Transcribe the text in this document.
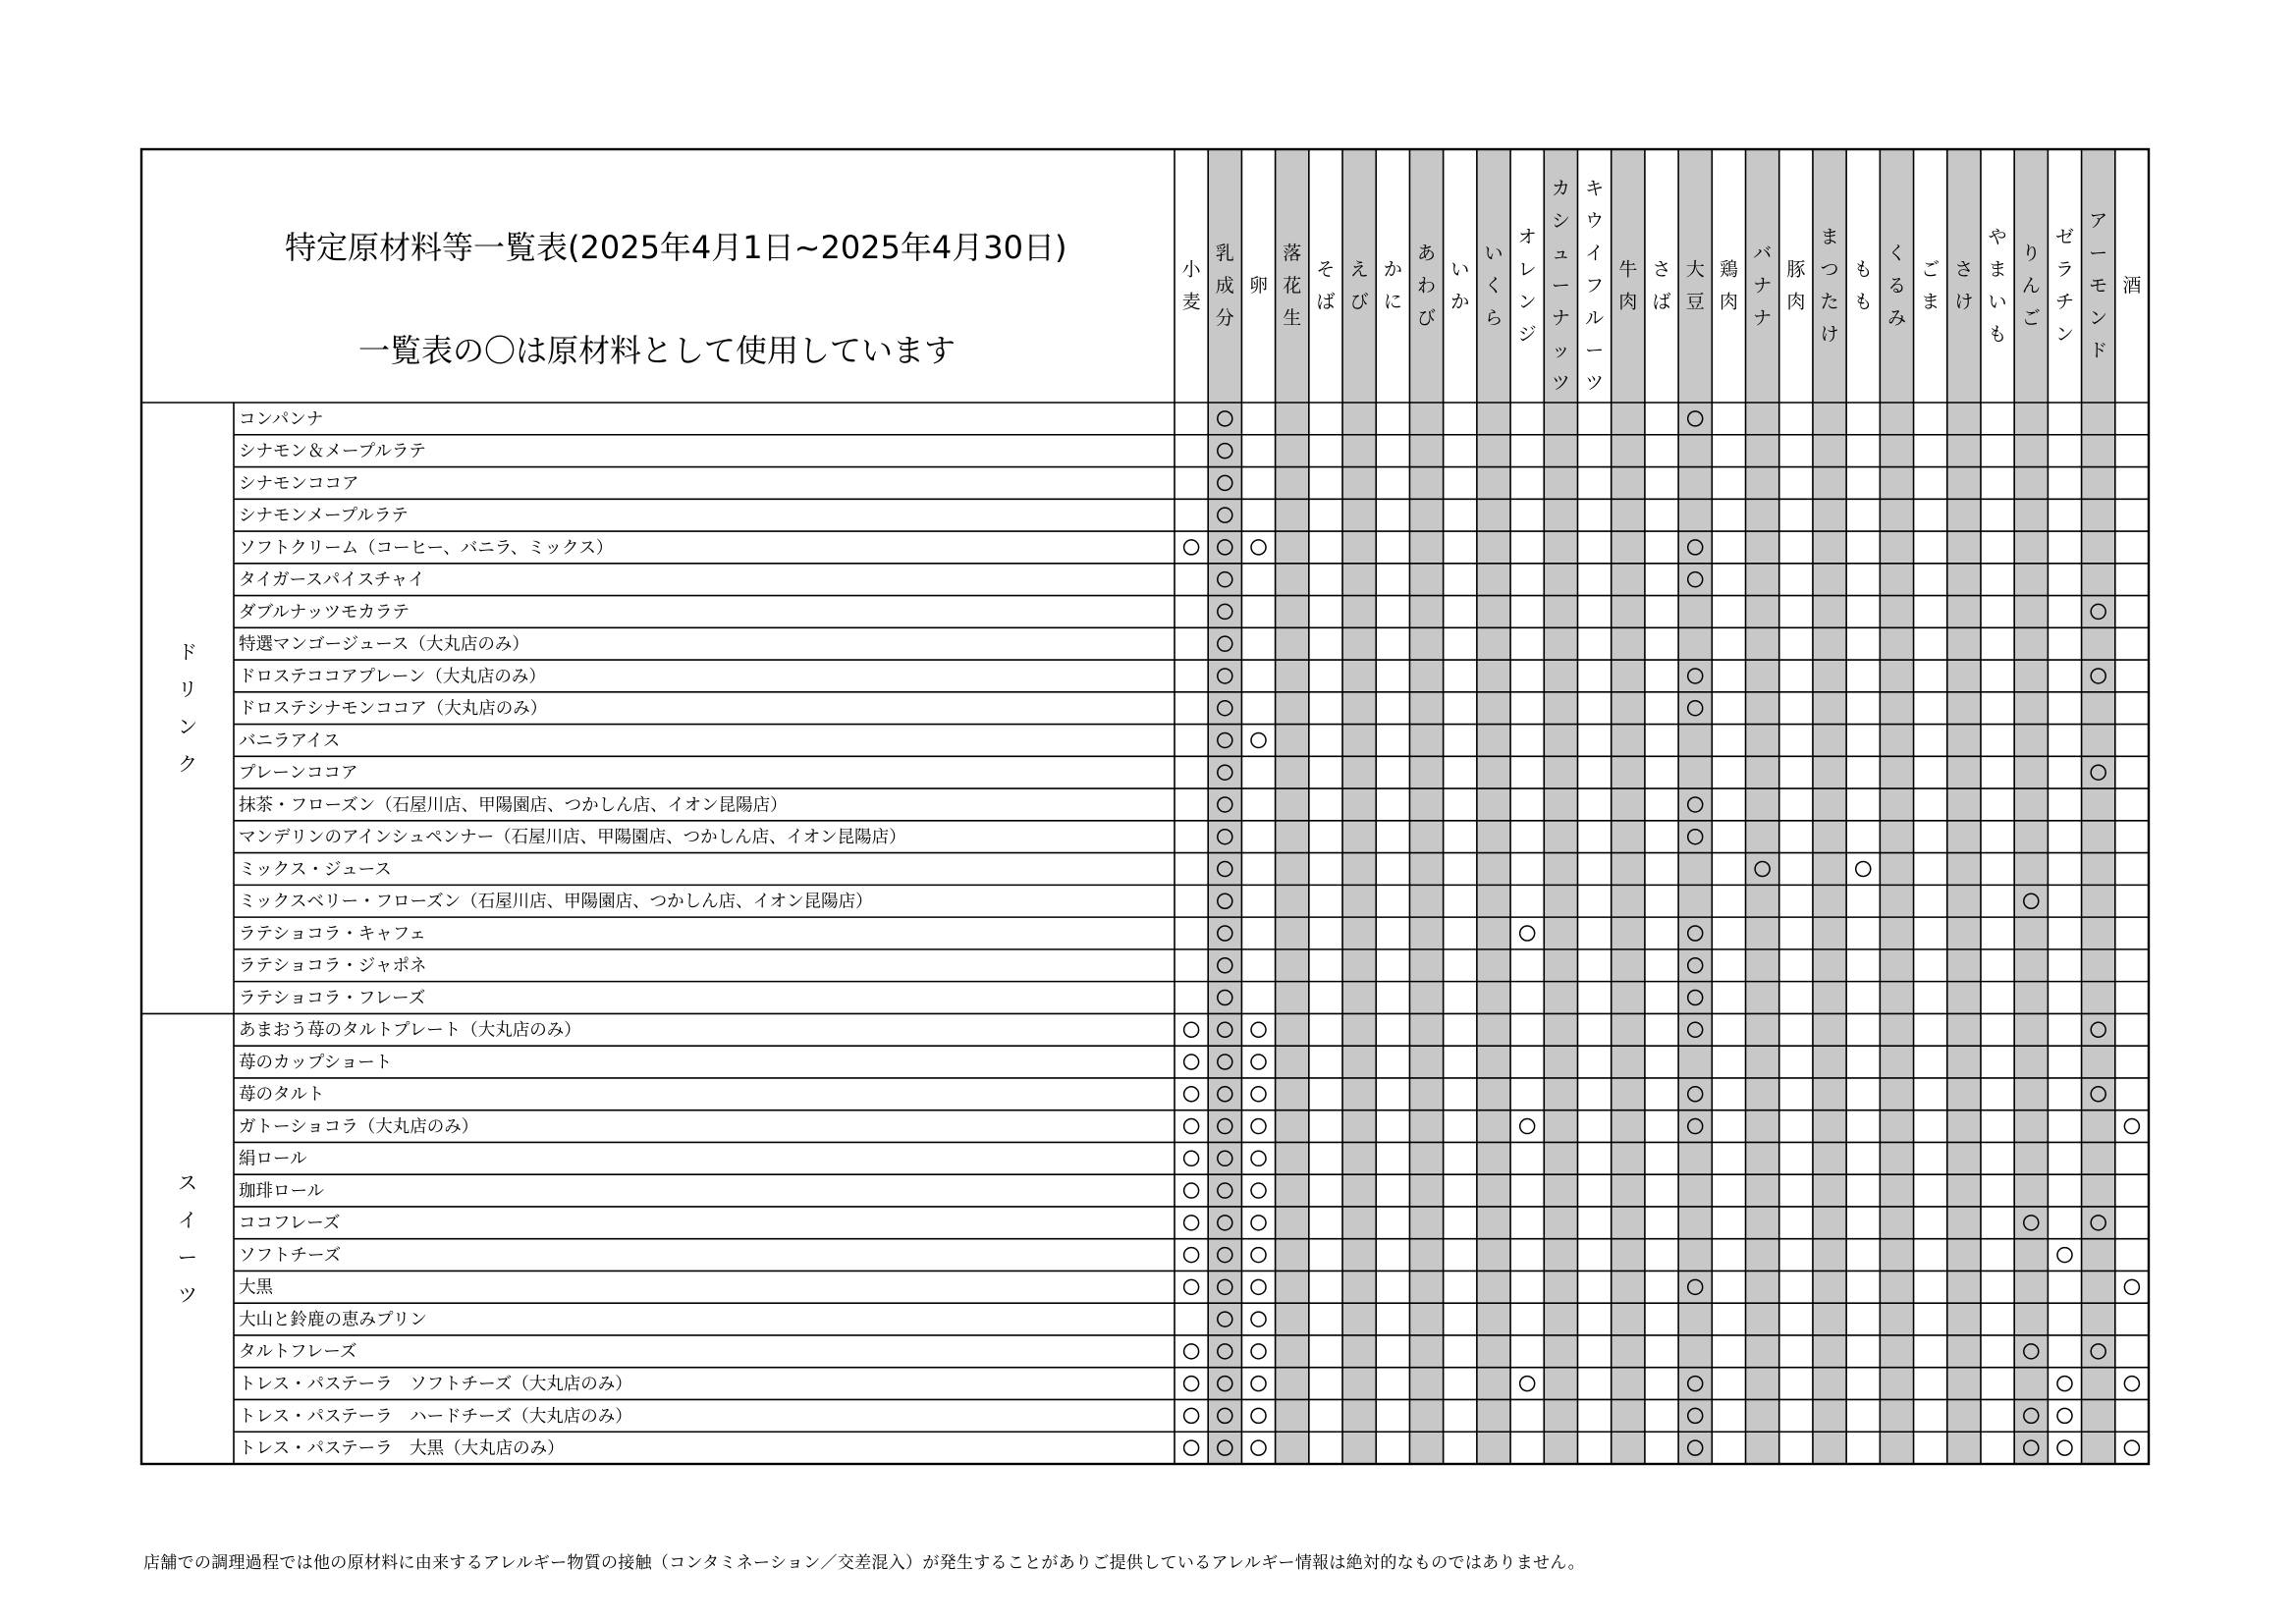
特定原材料等一覧表(2025年4月1日~2025年4月30日)
一覧表の〇は原材料として使用しています
小麦
乳成分
卵
落花生
そば
えび
かに
あわび
いか
いくら
オレンジ
カシューナッツ
キウイフルーツ
牛肉
さば
大豆
鶏肉
バナナ
豚肉
まつたけ
もも
くるみ
ごま
さけ
やまいも
りんご
ゼラチン
アーモンド
酒
ドリンク
スイーツ
コンパンナ
シナモン＆メープルラテ
シナモンココア
シナモンメープルラテ
ソフトクリーム（コーヒー、バニラ、ミックス）
タイガースパイスチャイ
ダブルナッツモカラテ
特選マンゴージュース（大丸店のみ）
ドロステココアプレーン（大丸店のみ）
ドロステシナモンココア（大丸店のみ）
バニラアイス
プレーンココア
抹茶・フローズン（石屋川店、甲陽園店、つかしん店、イオン昆陽店）
マンデリンのアインシュペンナー（石屋川店、甲陽園店、つかしん店、イオン昆陽店）
ミックス・ジュース
ミックスベリー・フローズン（石屋川店、甲陽園店、つかしん店、イオン昆陽店）
ラテショコラ・キャフェ
ラテショコラ・ジャポネ
ラテショコラ・フレーズ
あまおう苺のタルトプレート（大丸店のみ）
苺のカップショート
苺のタルト
ガトーショコラ（大丸店のみ）
絹ロール
珈琲ロール
ココフレーズ
ソフトチーズ
大黒
大山と鈴鹿の恵みプリン
タルトフレーズ
トレス・パステーラ　ソフトチーズ（大丸店のみ）
トレス・パステーラ　ハードチーズ（大丸店のみ）
トレス・パステーラ　大黒（大丸店のみ）
店舗での調理過程では他の原材料に由来するアレルギー物質の接触（コンタミネーション／交差混入）が発生することがありご提供しているアレルギー情報は絶対的なものではありません。
